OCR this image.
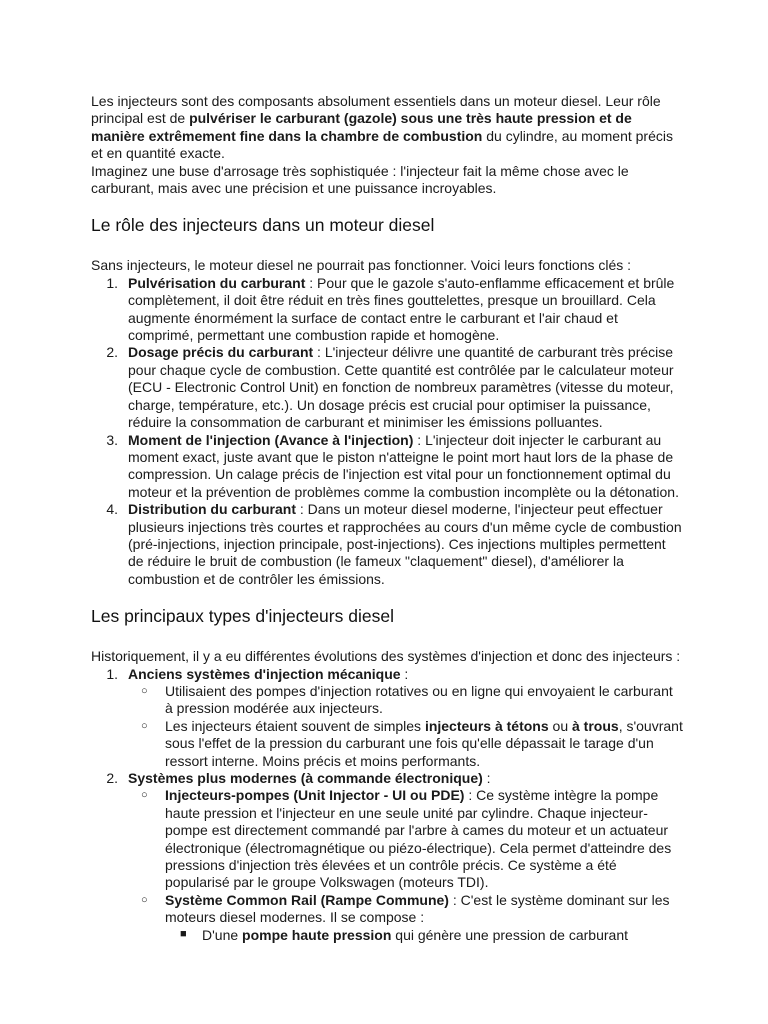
Les injecteurs sont des composants absolument essentiels dans un moteur diesel. Leur rôle principal est de pulvériser le carburant (gazole) sous une très haute pression et de manière extrêmement fine dans la chambre de combustion du cylindre, au moment précis et en quantité exacte.

Imaginez une buse d'arrosage très sophistiquée : l'injecteur fait la même chose avec le carburant, mais avec une précision et une puissance incroyables.

Le rôle des injecteurs dans un moteur diesel

Sans injecteurs, le moteur diesel ne pourrait pas fonctionner. Voici leurs fonctions clés :

1. Pulvérisation du carburant : Pour que le gazole s'auto-enflamme efficacement et brûle complètement, il doit être réduit en très fines gouttelettes, presque un brouillard. Cela augmente énormément la surface de contact entre le carburant et l'air chaud et comprimé, permettant une combustion rapide et homogène.
2. Dosage précis du carburant : L'injecteur délivre une quantité de carburant très précise pour chaque cycle de combustion. Cette quantité est contrôlée par le calculateur moteur (ECU - Electronic Control Unit) en fonction de nombreux paramètres (vitesse du moteur, charge, température, etc.). Un dosage précis est crucial pour optimiser la puissance, réduire la consommation de carburant et minimiser les émissions polluantes.
3. Moment de l'injection (Avance à l'injection) : L'injecteur doit injecter le carburant au moment exact, juste avant que le piston n'atteigne le point mort haut lors de la phase de compression. Un calage précis de l'injection est vital pour un fonctionnement optimal du moteur et la prévention de problèmes comme la combustion incomplète ou la détonation.
4. Distribution du carburant : Dans un moteur diesel moderne, l'injecteur peut effectuer plusieurs injections très courtes et rapprochées au cours d'un même cycle de combustion (pré-injections, injection principale, post-injections). Ces injections multiples permettent de réduire le bruit de combustion (le fameux "claquement" diesel), d'améliorer la combustion et de contrôler les émissions.
Les principaux types d'injecteurs diesel

Historiquement, il y a eu différentes évolutions des systèmes d'injection et donc des injecteurs :

1. Anciens systèmes d'injection mécanique :
○ Utilisaient des pompes d'injection rotatives ou en ligne qui envoyaient le carburant à pression modérée aux injecteurs.
○ Les injecteurs étaient souvent de simples injecteurs à tétons ou à trous, s'ouvrant sous l'effet de la pression du carburant une fois qu'elle dépassait le tarage d'un ressort interne. Moins précis et moins performants.
2. Systèmes plus modernes (à commande électronique) :
○ Injecteurs-pompes (Unit Injector - UI ou PDE) : Ce système intègre la pompe haute pression et l'injecteur en une seule unité par cylindre. Chaque injecteur-pompe est directement commandé par l'arbre à cames du moteur et un actuateur électronique (électromagnétique ou piézo-électrique). Cela permet d'atteindre des pressions d'injection très élevées et un contrôle précis. Ce système a été popularisé par le groupe Volkswagen (moteurs TDI).
○ Système Common Rail (Rampe Commune) : C'est le système dominant sur les moteurs diesel modernes. Il se compose :
■ D'une pompe haute pression qui génère une pression de carburant
